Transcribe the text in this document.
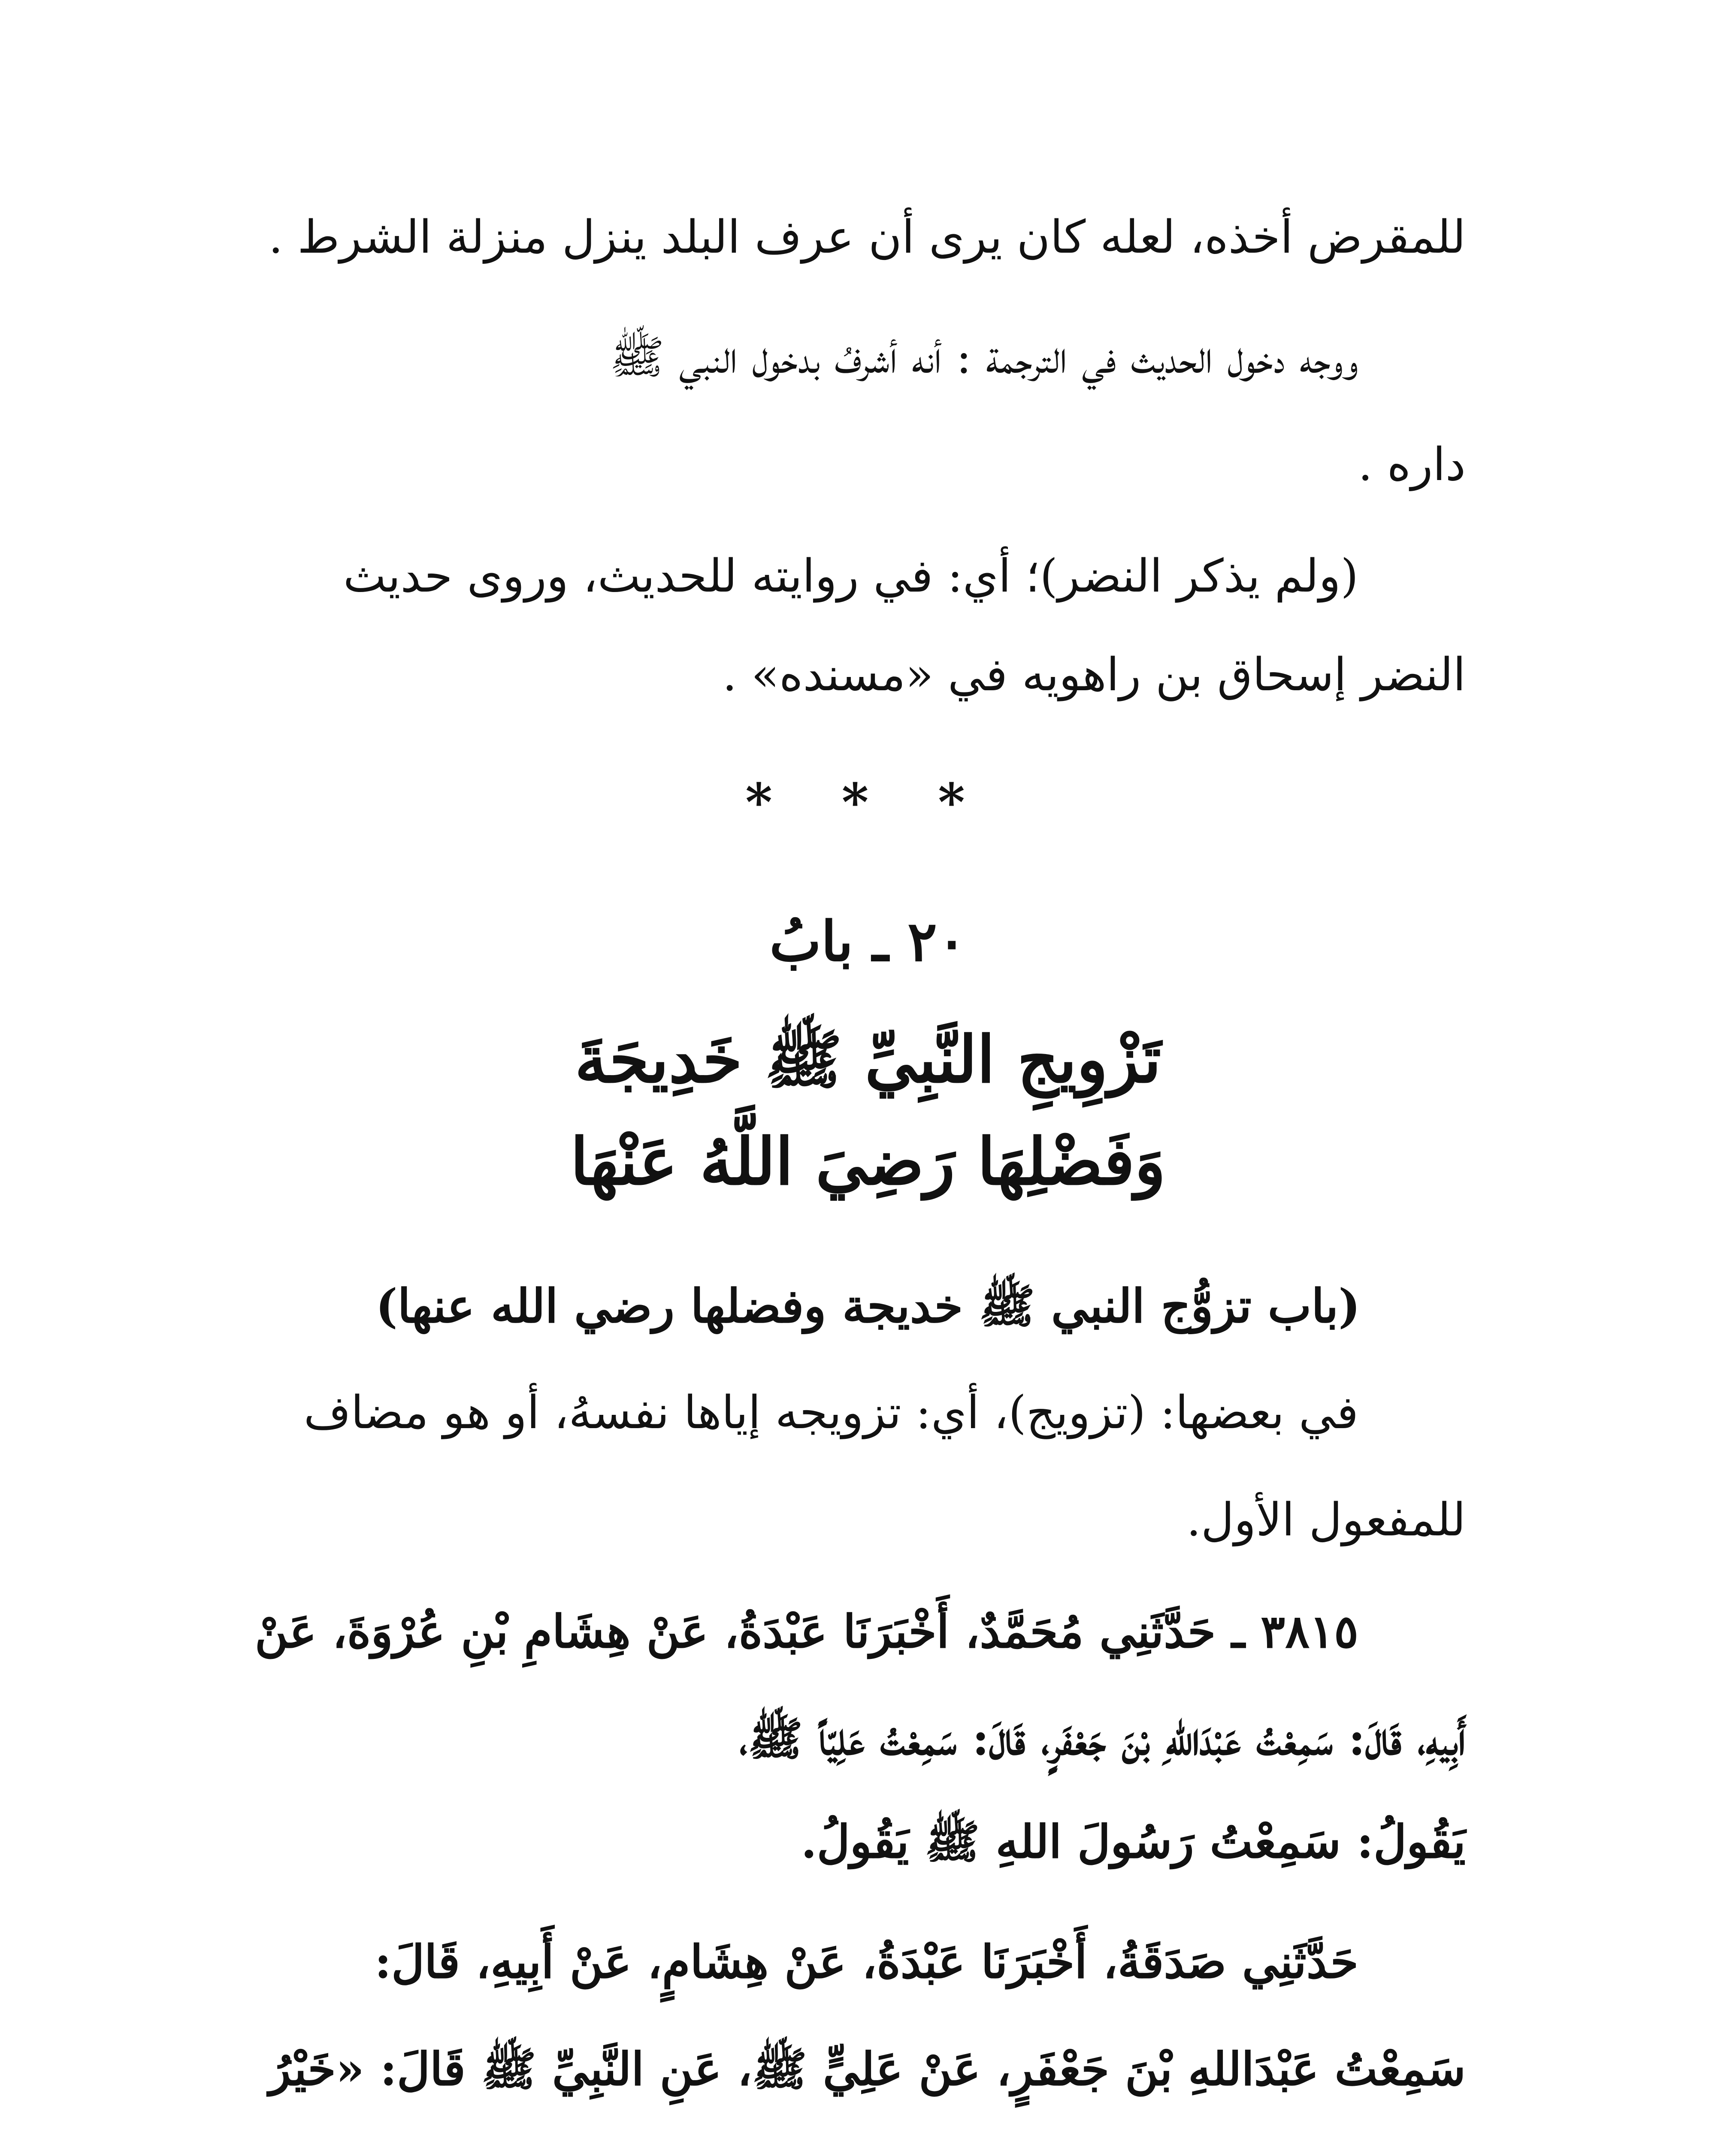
للمقرض أخذه، لعله كان يرى أن عرف البلد ينزل منزلة الشرط .
ووجه دخول الحديث في الترجمة : أنه أشرفُ بدخول النبي ﷺ
داره .
(ولم يذكر النضر)؛ أي: في روايته للحديث، وروى حديث
النضر إسحاق بن راهويه في «مسنده» .
* * *
٢٠ ـ بابُ
تَزْوِيجِ النَّبِيِّ ﷺ خَدِيجَةَ
وَفَضْلِهَا رَضِيَ اللَّهُ عَنْهَا
(باب تزوُّج النبي ﷺ خديجة وفضلها رضي الله عنها)
في بعضها: (تزويج)، أي: تزويجه إياها نفسهُ، أو هو مضاف
للمفعول الأول.
٣٨١٥ ـ حَدَّثَنِي مُحَمَّدٌ، أَخْبَرَنَا عَبْدَةُ، عَنْ هِشَامِ بْنِ عُرْوَةَ، عَنْ
أَبِيهِ، قَالَ: سَمِعْتُ عَبْدَاللهِ بْنَ جَعْفَرٍ، قَالَ: سَمِعْتُ عَلِيّاً ﷺ،
يَقُولُ: سَمِعْتُ رَسُولَ اللهِ ﷺ يَقُولُ.
حَدَّثَنِي صَدَقَةُ، أَخْبَرَنَا عَبْدَةُ، عَنْ هِشَامٍ، عَنْ أَبِيهِ، قَالَ:
سَمِعْتُ عَبْدَاللهِ بْنَ جَعْفَرٍ، عَنْ عَلِيٍّ ﷺ، عَنِ النَّبِيِّ ﷺ قَالَ: «خَيْرُ
